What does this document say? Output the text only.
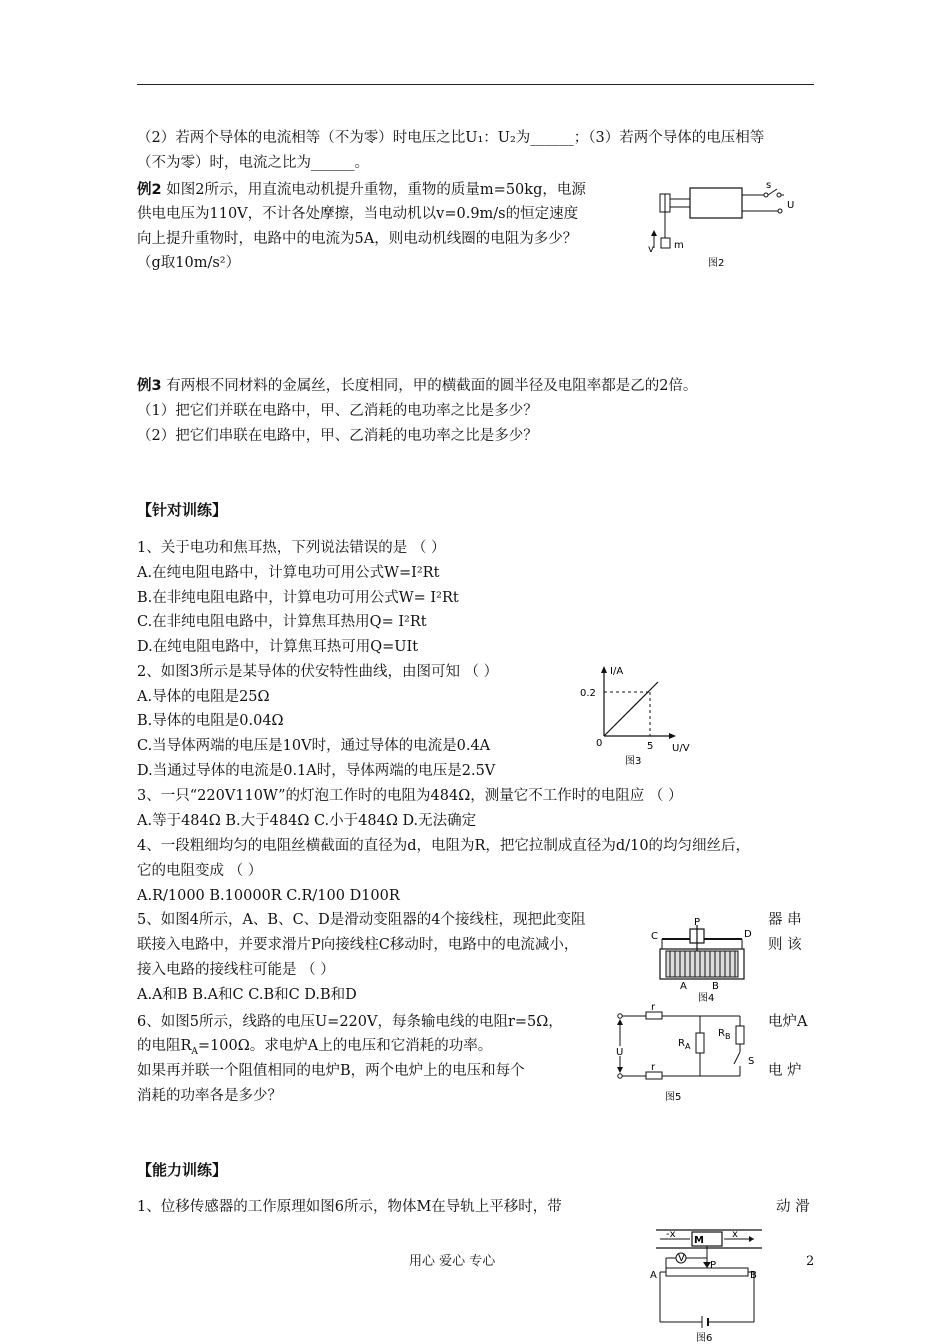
（2）若两个导体的电流相等（不为零）时电压之比U₁：U₂为______；（3）若两个导体的电压相等
（不为零）时，电流之比为______。
例2 如图2所示，用直流电动机提升重物，重物的质量m=50kg，电源
供电电压为110V，不计各处摩擦，当电动机以v=0.9m/s的恒定速度
向上提升重物时，电路中的电流为5A，则电动机线圈的电阻为多少？
（g取10m/s²）
s
U
v m
图2
例3 有两根不同材料的金属丝，长度相同，甲的横截面的圆半径及电阻率都是乙的2倍。
（1）把它们并联在电路中，甲、乙消耗的电功率之比是多少？
（2）把它们串联在电路中，甲、乙消耗的电功率之比是多少？
【针对训练】
1、关于电功和焦耳热，下列说法错误的是 （ ）
A.在纯电阻电路中，计算电功可用公式W=I²Rt
B.在非纯电阻电路中，计算电功可用公式W= I²Rt
C.在非纯电阻电路中，计算焦耳热用Q= I²Rt
D.在纯电阻电路中，计算焦耳热可用Q=UIt
2、如图3所示是某导体的伏安特性曲线，由图可知 （ ）
A.导体的电阻是25Ω
B.导体的电阻是0.04Ω
C.当导体两端的电压是10V时，通过导体的电流是0.4A
D.当通过导体的电流是0.1A时，导体两端的电压是2.5V
I/A
0.2
0	5 U/V
图3
3、一只“220V110W”的灯泡工作时的电阻为484Ω，测量它不工作时的电阻应 （ ）
A.等于484Ω B.大于484Ω C.小于484Ω D.无法确定
4、一段粗细均匀的电阻丝横截面的直径为d，电阻为R，把它拉制成直径为d/10的均匀细丝后，
它的电阻变成 （ ）
A.R/1000 B.10000R C.R/100 D100R
5、如图4所示，A、B、C、D是滑动变阻器的4个接线柱，现把此变阻	器 串
联接入电路中，并要求滑片P向接线柱C移动时，电路中的电流减小，	则 该
接入电路的接线柱可能是 （ ）
A.A和B B.A和C C.B和C D.B和D
P
C	D
A	B
图4
6、如图5所示，线路的电压U=220V，每条输电线的电阻r=5Ω，	电炉A
的电阻$R_A=100\Omega$。求电炉A上的电压和它消耗的功率。
如果再并联一个阻值相同的电炉B，两个电炉上的电压和每个	电 炉
消耗的功率各是多少？
U
r
r
$R_A$
$R_B$
S
图5
【能力训练】
1、位移传感器的工作原理如图6所示，物体M在导轨上平移时，带	动 滑
M
-x	x
V
A
P
B
图6
用心 爱心 专心	2
